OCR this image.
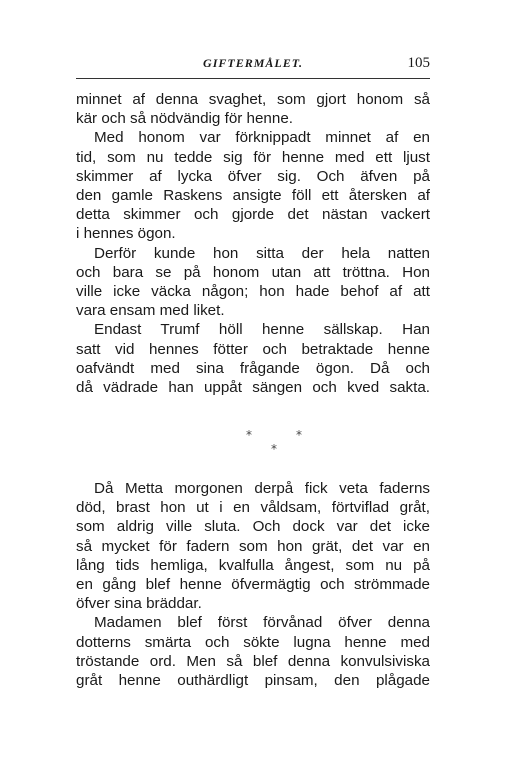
GIFTERMÅLET.	105
minnet af denna svaghet, som gjort honom så
kär och så nödvändig för henne.
Med honom var förknippadt minnet af en
tid, som nu tedde sig för henne med ett ljust
skimmer af lycka öfver sig. Och äfven på
den gamle Raskens ansigte föll ett återsken af
detta skimmer och gjorde det nästan vackert
i hennes ögon.
Derför kunde hon sitta der hela natten
och bara se på honom utan att tröttna. Hon
ville icke väcka någon; hon hade behof af att
vara ensam med liket.
Endast Trumf höll henne sällskap. Han
satt vid hennes fötter och betraktade henne
oafvändt med sina frågande ögon. Då och
då vädrade han uppåt sängen och kved sakta.
*	*
*
Då Metta morgonen derpå fick veta faderns
död, brast hon ut i en våldsam, förtviflad gråt,
som aldrig ville sluta. Och dock var det icke
så mycket för fadern som hon grät, det var en
lång tids hemliga, kvalfulla ångest, som nu på
en gång blef henne öfvermägtig och strömmade
öfver sina bräddar.
Madamen blef först förvånad öfver denna
dotterns smärta och sökte lugna henne med
tröstande ord. Men så blef denna konvulsiviska
gråt henne outhärdligt pinsam, den plågade
